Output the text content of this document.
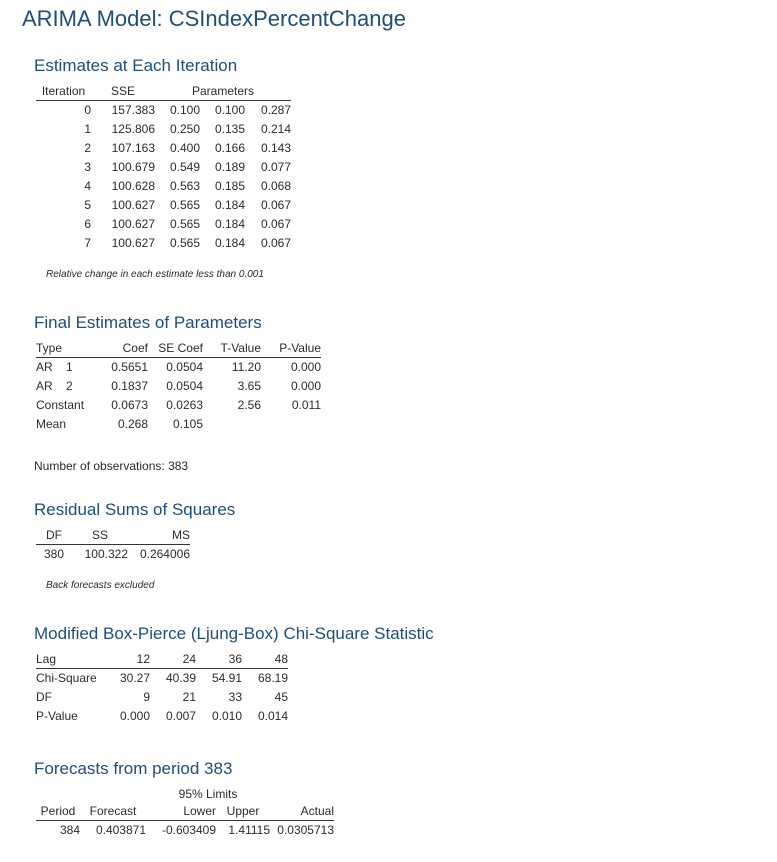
ARIMA Model: CSIndexPercentChange
Estimates at Each Iteration
Iteration	SSE	Parameters		
0	157.383	0.100	0.100	0.287
1	125.806	0.250	0.135	0.214
2	107.163	0.400	0.166	0.143
3	100.679	0.549	0.189	0.077
4	100.628	0.563	0.185	0.068
5	100.627	0.565	0.184	0.067
6	100.627	0.565	0.184	0.067
7	100.627	0.565	0.184	0.067
Relative change in each estimate less than 0.001
Final Estimates of Parameters
Type		Coef	SE Coef	T-Value	P-Value
AR	1	0.5651	0.0504	11.20	0.000
AR	2	0.1837	0.0504	3.65	0.000
Constant		0.0673	0.0263	2.56	0.011
Mean		0.268	0.105		
Number of observations: 383
Residual Sums of Squares
DF	SS	MS
380	100.322	0.264006
Back forecasts excluded
Modified Box-Pierce (Ljung-Box) Chi-Square Statistic
Lag	12	24	36	48
Chi-Square	30.27	40.39	54.91	68.19
DF	9	21	33	45
P-Value	0.000	0.007	0.010	0.014
Forecasts from period 383
		95% Limits		
Period	Forecast	Lower	Upper	Actual
384	0.403871	-0.603409	1.41115	0.0305713
